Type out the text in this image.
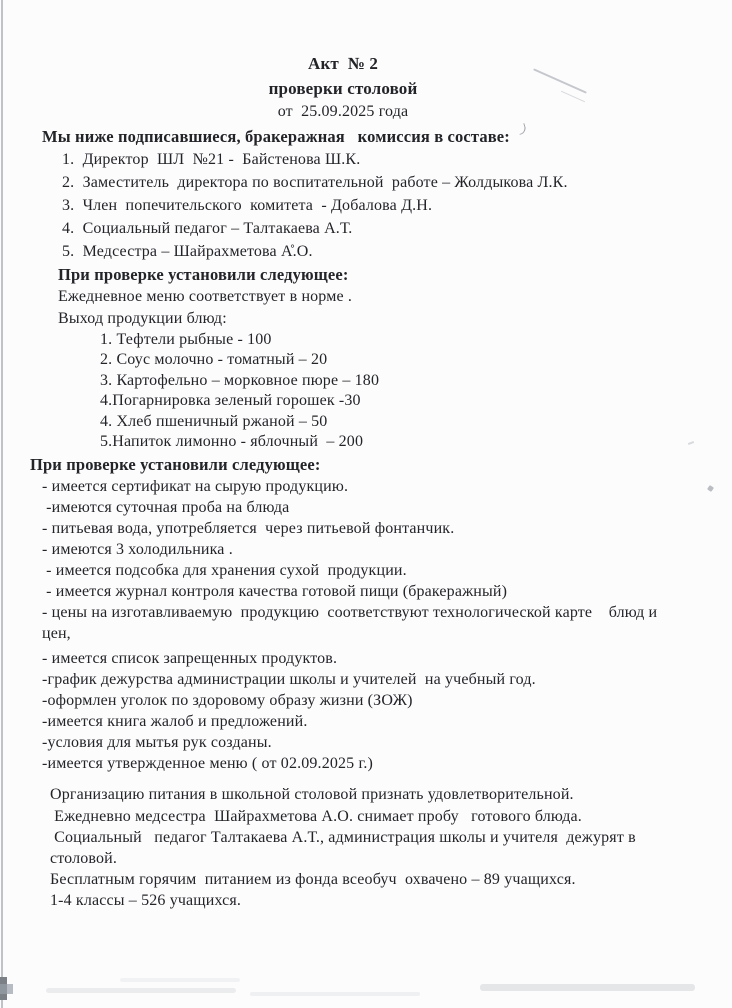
Акт  № 2

проверки столовой

от  25.09.2025 года

Мы ниже подписавшиеся, бракеражная   комиссия в составе:

1.  Директор  ШЛ  №21 -  Байстенова Ш.К.

2.  Заместитель  директора по воспитательной  работе – Жолдыкова Л.К.

3.  Член  попечительского  комитета  - Добалова Д.Н.

4.  Социальный педагог – Талтакаева А.Т.

5.  Медсестра – Шайрахметова А̊.О.

При проверке установили следующее:

Ежедневное меню соответствует в норме .

Выход продукции блюд:

1. Тефтели рыбные - 100

2. Соус молочно - томатный – 20

3. Картофельно – морковное пюре – 180

4.Погарнировка зеленый горошек -30

4. Хлеб пшеничный ржаной – 50

5.Напиток лимонно - яблочный  – 200

При проверке установили следующее:

- имеется сертификат на сырую продукцию.

-имеются суточная проба на блюда

- питьевая вода, употребляется  через питьевой фонтанчик.

- имеются 3 холодильника .

- имеется подсобка для хранения сухой  продукции.

- имеется журнал контроля качества готовой пищи (бракеражный)

- цены на изготавливаемую  продукцию  соответствуют технологической карте    блюд и

цен,

- имеется список запрещенных продуктов.

-график дежурства администрации школы и учителей  на учебный год.

-оформлен уголок по здоровому образу жизни (ЗОЖ)

-имеется книга жалоб и предложений.

-условия для мытья рук созданы.

-имеется утвержденное меню ( от 02.09.2025 г.)

Организацию питания в школьной столовой признать удовлетворительной.

Ежедневно медсестра  Шайрахметова А.О. снимает пробу   готового блюда.

Социальный   педагог Талтакаева А.Т., администрация школы и учителя  дежурят в

столовой.

Бесплатным горячим  питанием из фонда всеобуч  охвачено – 89 учащихся.

1-4 классы – 526 учащихся.
